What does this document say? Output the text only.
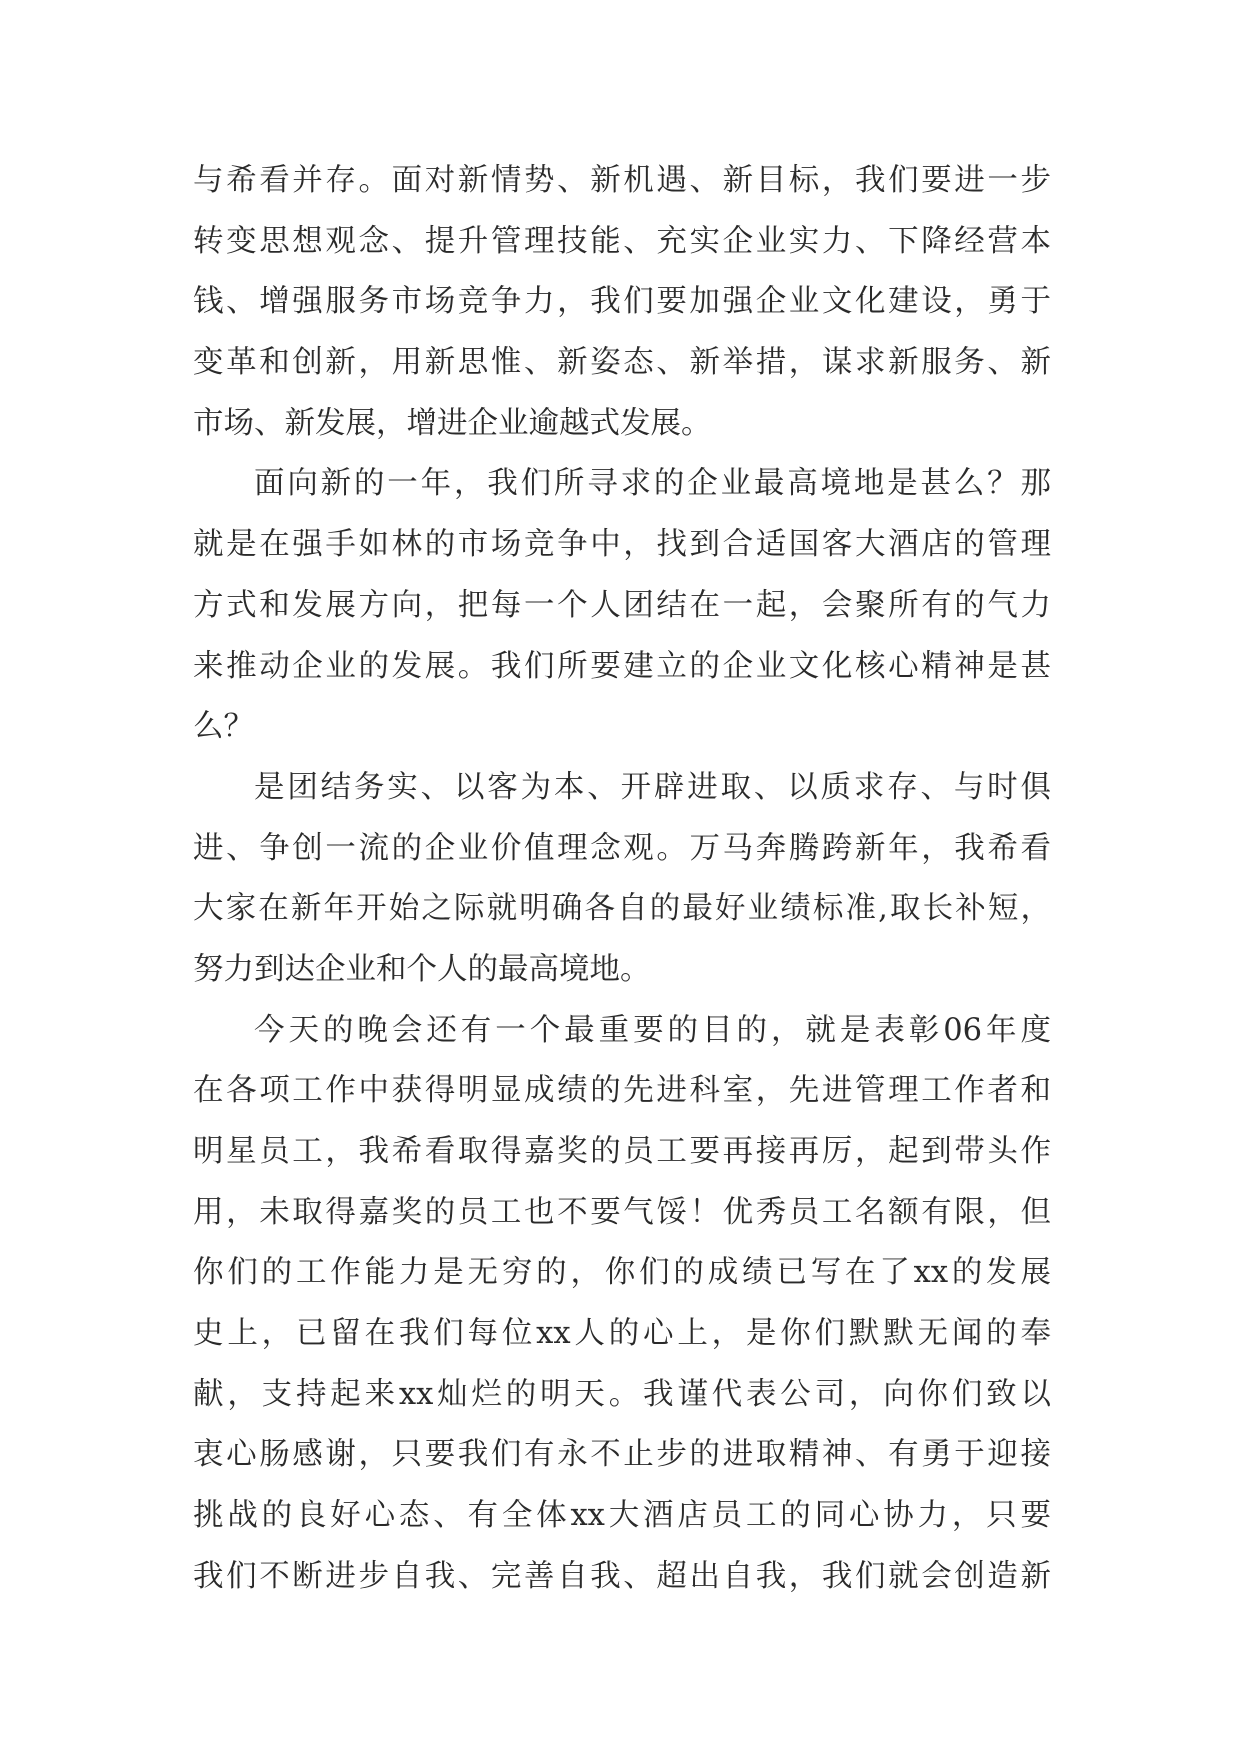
与希看并存。面对新情势、新机遇、新目标，我们要进一步
转变思想观念、提升管理技能、充实企业实力、下降经营本
钱、增强服务市场竞争力，我们要加强企业文化建设，勇于
变革和创新，用新思惟、新姿态、新举措，谋求新服务、新
市场、新发展，增进企业逾越式发展。
面向新的一年，我们所寻求的企业最高境地是甚么？那
就是在强手如林的市场竞争中，找到合适国客大酒店的管理
方式和发展方向，把每一个人团结在一起，会聚所有的气力
来推动企业的发展。我们所要建立的企业文化核心精神是甚
么？
是团结务实、以客为本、开辟进取、以质求存、与时俱
进、争创一流的企业价值理念观。万马奔腾跨新年，我希看
大家在新年开始之际就明确各自的最好业绩标准,取长补短，
努力到达企业和个人的最高境地。
今天的晚会还有一个最重要的目的，就是表彰06年度
在各项工作中获得明显成绩的先进科室，先进管理工作者和
明星员工，我希看取得嘉奖的员工要再接再厉，起到带头作
用，未取得嘉奖的员工也不要气馁！优秀员工名额有限，但
你们的工作能力是无穷的，你们的成绩已写在了xx的发展
史上，已留在我们每位xx人的心上，是你们默默无闻的奉
献，支持起来xx灿烂的明天。我谨代表公司，向你们致以
衷心肠感谢，只要我们有永不止步的进取精神、有勇于迎接
挑战的良好心态、有全体xx大酒店员工的同心协力，只要
我们不断进步自我、完善自我、超出自我，我们就会创造新
